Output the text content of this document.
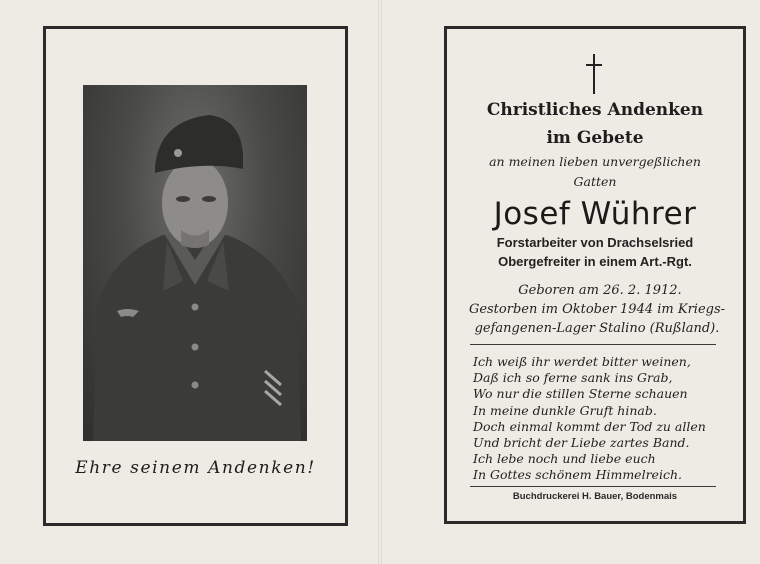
Ehre seinem Andenken!
Christliches Andenken
im Gebete
an meinen lieben unvergeßlichen
Gatten
Josef Wührer
Forstarbeiter von Drachselsried
Obergefreiter in einem Art.-Rgt.
Geboren am 26. 2. 1912.
Gestorben im Oktober 1944 im Kriegs-
gefangenen-Lager Stalino (Rußland).
Ich weiß ihr werdet bitter weinen,
Daß ich so ferne sank ins Grab,
Wo nur die stillen Sterne schauen
In meine dunkle Gruft hinab.
Doch einmal kommt der Tod zu allen
Und bricht der Liebe zartes Band.
Ich lebe noch und liebe euch
In Gottes schönem Himmelreich.
Buchdruckerei H. Bauer, Bodenmais
